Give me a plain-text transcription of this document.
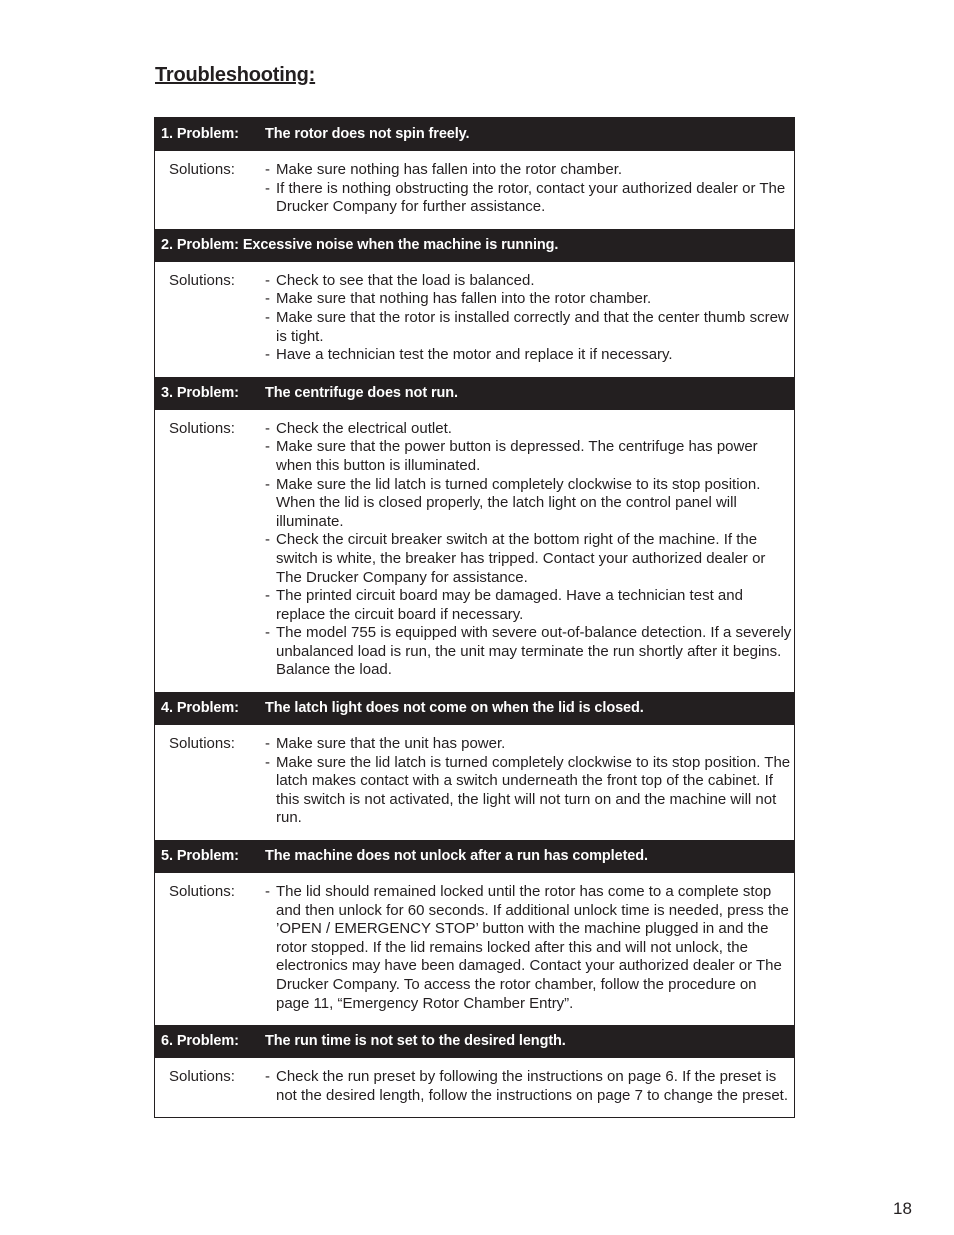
Troubleshooting:
1. Problem: The rotor does not spin freely.
Solutions:	- Make sure nothing has fallen into the rotor chamber.
- If there is nothing obstructing the rotor, contact your authorized dealer or The Drucker Company for further assistance.
2. Problem: Excessive noise when the machine is running.
Solutions:	- Check to see that the load is balanced.
- Make sure that nothing has fallen into the rotor chamber.
- Make sure that the rotor is installed correctly and that the center thumb screw is tight.
- Have a technician test the motor and replace it if necessary.
3. Problem: The centrifuge does not run.
Solutions:	- Check the electrical outlet.
- Make sure that the power button is depressed. The centrifuge has power when this button is illuminated.
- Make sure the lid latch is turned completely clockwise to its stop position. When the lid is closed properly, the latch light on the control panel will illuminate.
- Check the circuit breaker switch at the bottom right of the machine. If the switch is white, the breaker has tripped. Contact your authorized dealer or The Drucker Company for assistance.
- The printed circuit board may be damaged. Have a technician test and replace the circuit board if necessary.
- The model 755 is equipped with severe out-of-balance detection. If a severely unbalanced load is run, the unit may terminate the run shortly after it begins. Balance the load.
4. Problem: The latch light does not come on when the lid is closed.
Solutions:	- Make sure that the unit has power.
- Make sure the lid latch is turned completely clockwise to its stop position. The latch makes contact with a switch underneath the front top of the cabinet. If this switch is not activated, the light will not turn on and the machine will not run.
5. Problem: The machine does not unlock after a run has completed.
Solutions:	- The lid should remained locked until the rotor has come to a complete stop and then unlock for 60 seconds. If additional unlock time is needed, press the ’OPEN / EMERGENCY STOP’ button with the machine plugged in and the rotor stopped. If the lid remains locked after this and will not unlock, the electronics may have been damaged. Contact your authorized dealer or The Drucker Company. To access the rotor chamber, follow the procedure on page 11, “Emergency Rotor Chamber Entry”.
6. Problem: The run time is not set to the desired length.
Solutions:	- Check the run preset by following the instructions on page 6. If the preset is not the desired length, follow the instructions on page 7 to change the preset.
18
